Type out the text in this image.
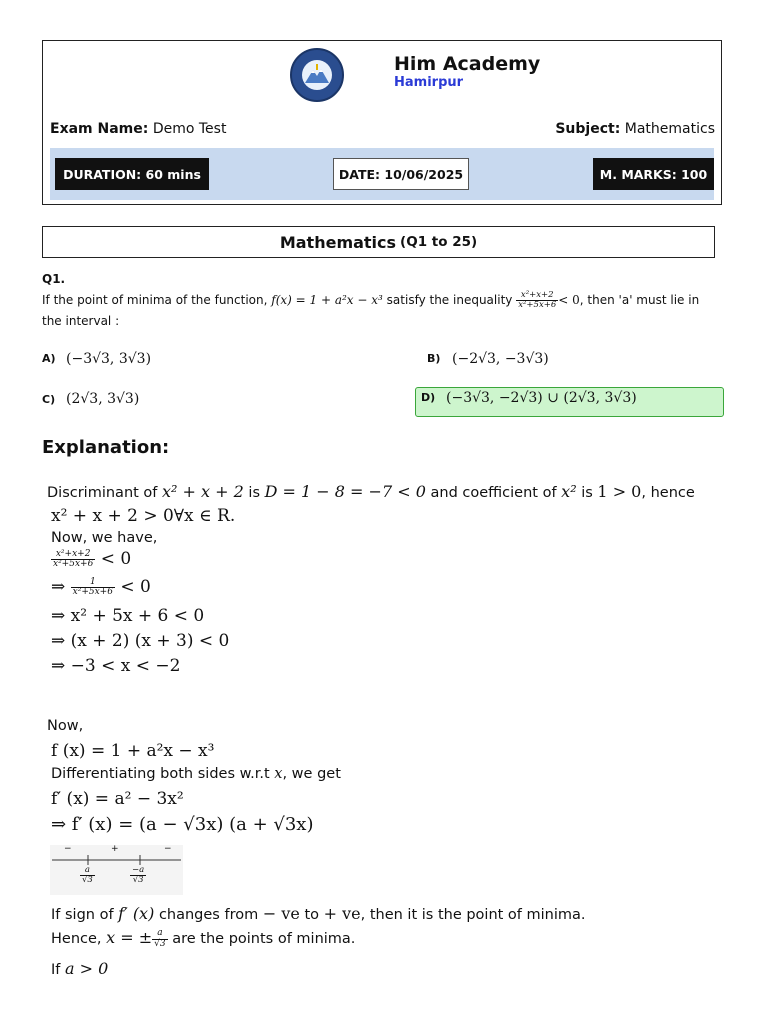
Him Academy
Hamirpur
Exam Name: Demo Test	Subject: Mathematics
DURATION: 60 mins	DATE: 10/06/2025	M. MARKS: 100
Mathematics (Q1 to 25)
Q1.
If the point of minima of the function, f(x) = 1 + a²x − x³ satisfy the inequality $\frac{\text{x²+x+2}}{\text{x²+5x+6}} < 0$, then 'a' must lie in
the interval :
A) (−3√3, 3√3)	B) (−2√3, −3√3)
C) (2√3, 3√3)	D) (−3√3, −2√3) ∪ (2√3, 3√3)
Explanation:
Discriminant of x² + x + 2 is D = 1 − 8 = −7 < 0 and coefficient of x² is 1 > 0, hence
x² + x + 2 > 0∀x ∈ R.
Now, we have,
$\frac{\text{x²+x+2}}{\text{x²+5x+6}} < 0$
⇒ $\frac{1}{\text{x²+5x+6}} < 0$
⇒ x² + 5x + 6 < 0
⇒ (x + 2) (x + 3) < 0
⇒ −3 < x < −2
Now,
f (x) = 1 + a²x − x³
Differentiating both sides w.r.t x, we get
f′ (x) = a² − 3x²
⇒ f′ (x) = (a − √3x) (a + √3x)
−	+	−
$\frac{a}{√3}$	$\frac{-a}{√3}$
If sign of f′ (x) changes from − ve to + ve, then it is the point of minima.
Hence, x = ± $\frac{a}{√3}$ are the points of minima.
If a > 0
